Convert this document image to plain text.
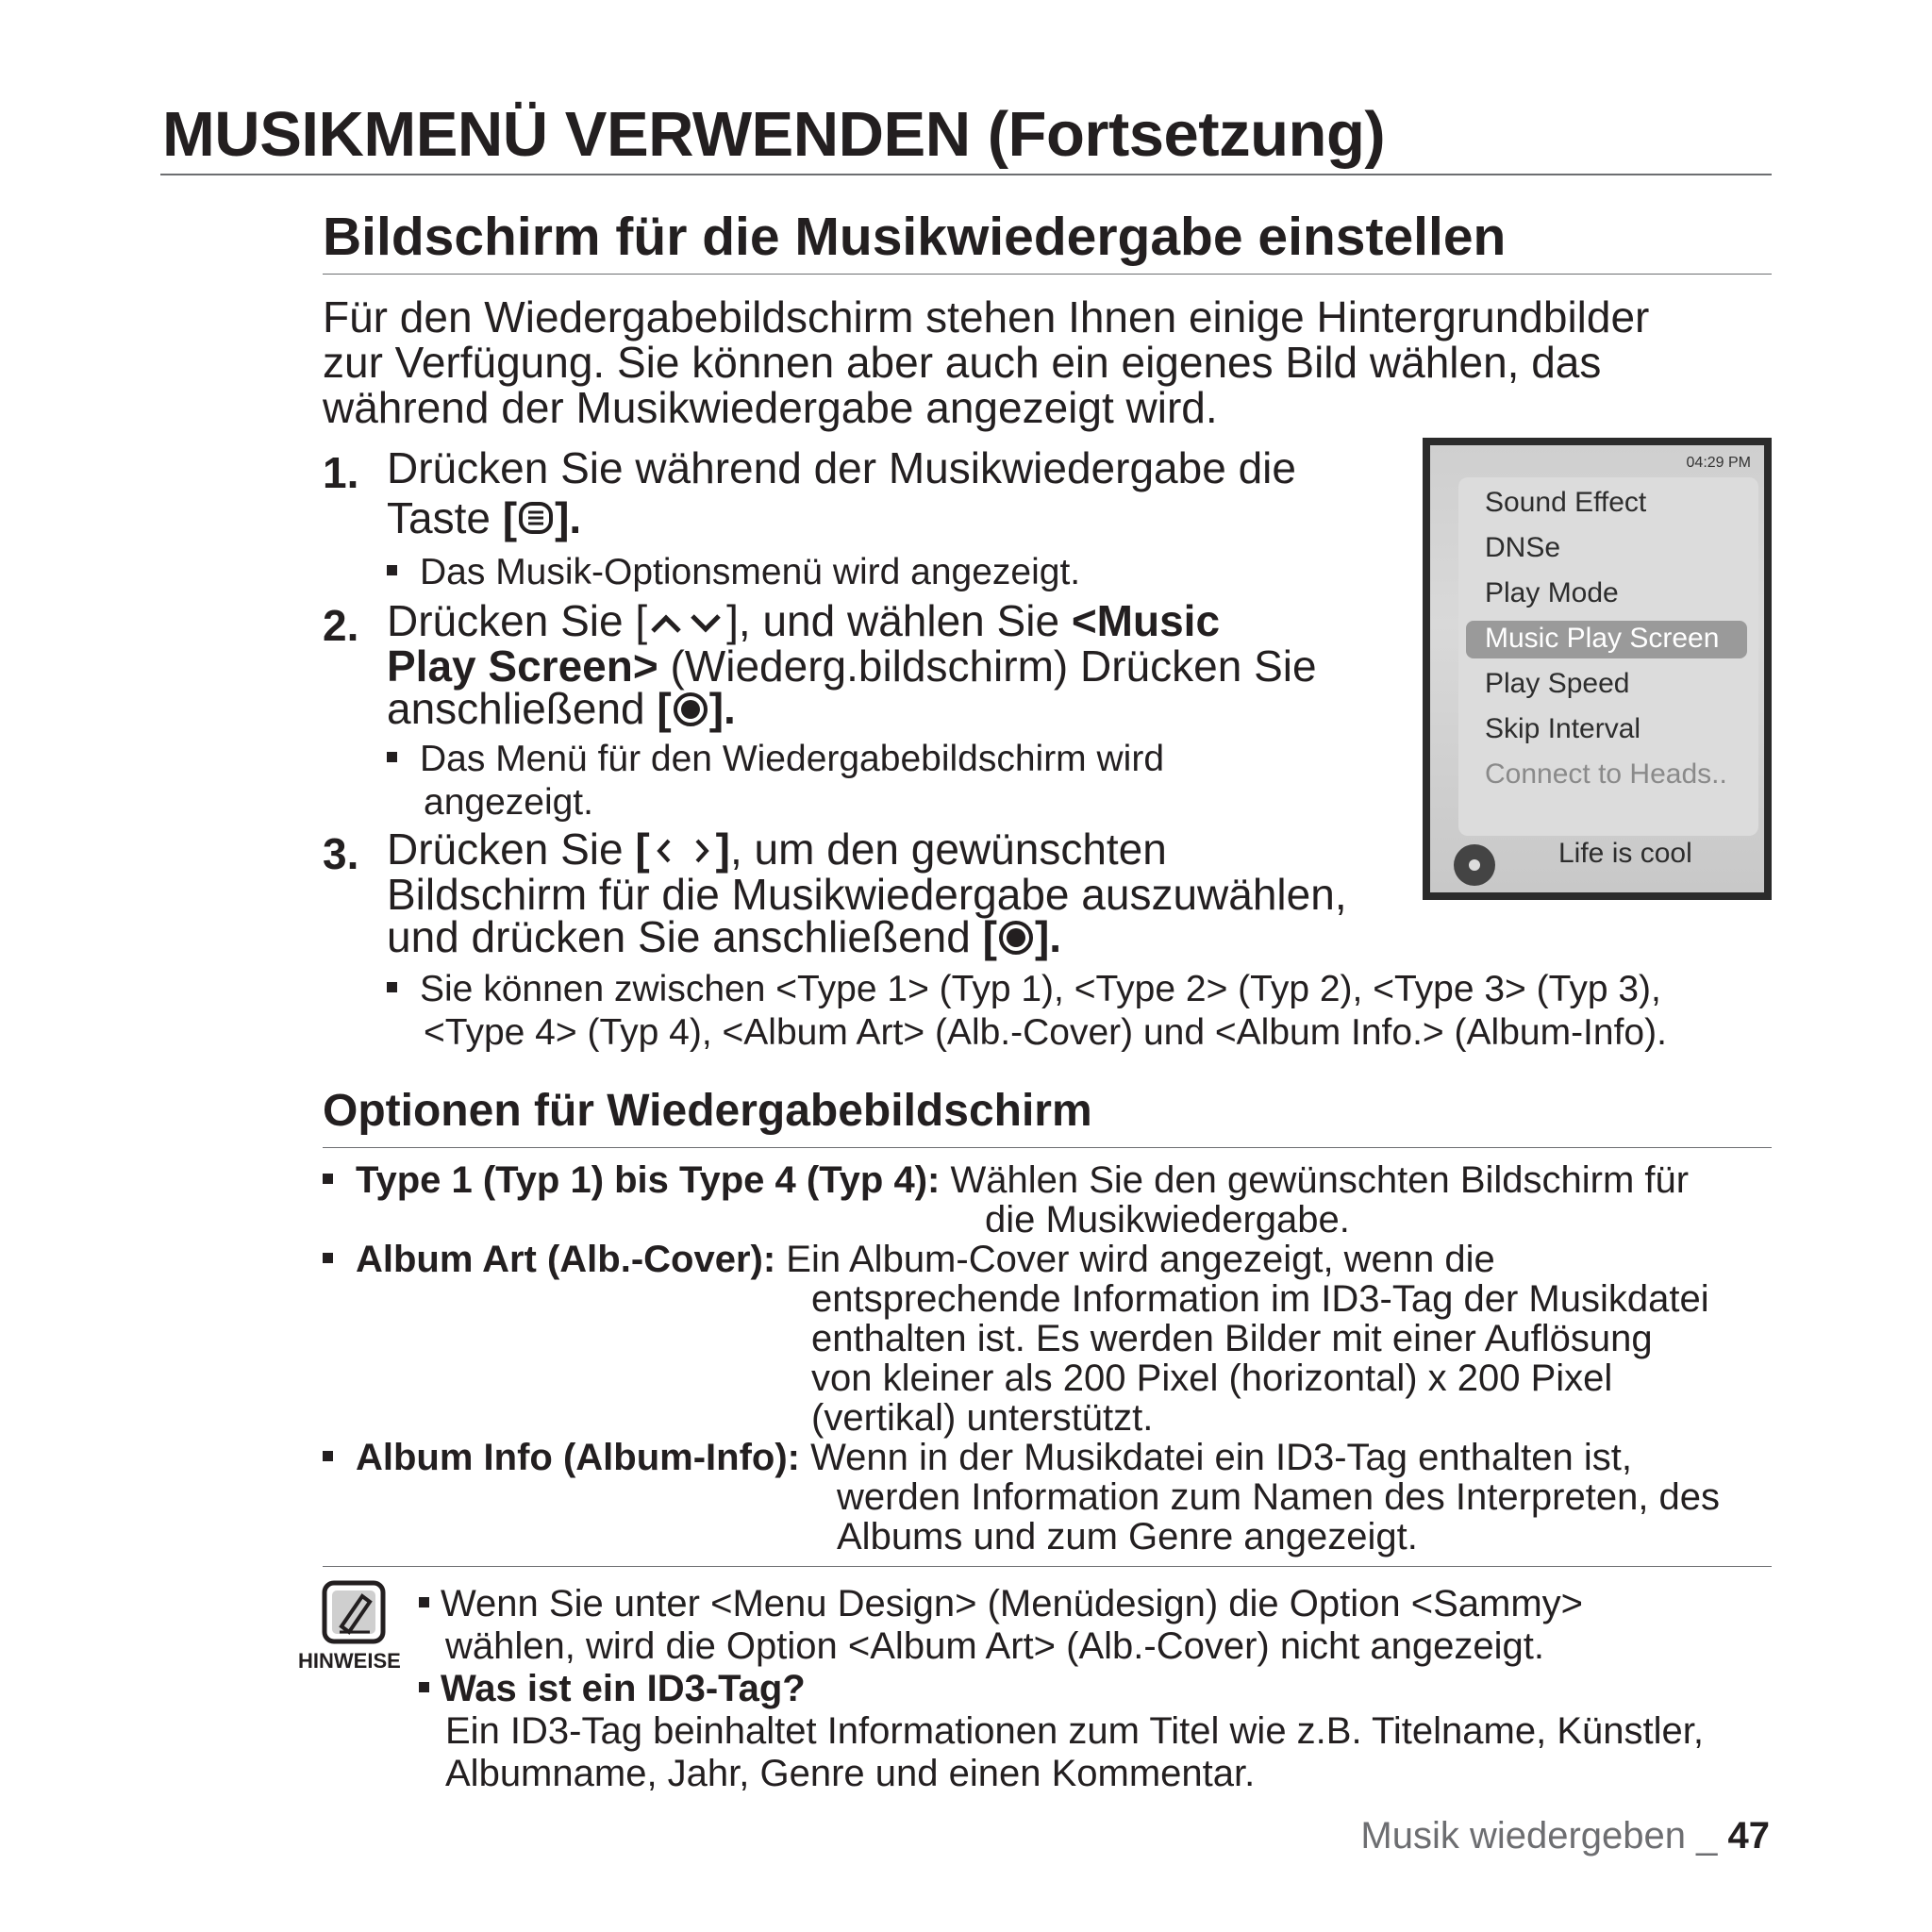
MUSIKMENÜ VERWENDEN (Fortsetzung)
Bildschirm für die Musikwiedergabe einstellen
Für den Wiedergabebildschirm stehen Ihnen einige Hintergrundbilder
zur Verfügung. Sie können aber auch ein eigenes Bild wählen, das
während der Musikwiedergabe angezeigt wird.
1. Drücken Sie während der Musikwiedergabe die
Taste [ ].
Das Musik-Optionsmenü wird angezeigt.
2. Drücken Sie [ ], und wählen Sie <Music
Play Screen> (Wiederg.bildschirm) Drücken Sie
anschließend [ ].
Das Menü für den Wiedergabebildschirm wird
angezeigt.
3. Drücken Sie [ ], um den gewünschten
Bildschirm für die Musikwiedergabe auszuwählen,
und drücken Sie anschließend [ ].
Sie können zwischen <Type 1> (Typ 1), <Type 2> (Typ 2), <Type 3> (Typ 3),
<Type 4> (Typ 4), <Album Art> (Alb.-Cover) und <Album Info.> (Album-Info).
04:29 PM
Sound Effect
DNSe
Play Mode
Music Play Screen
Play Speed
Skip Interval
Connect to Heads..
Life is cool
Optionen für Wiedergabebildschirm
Type 1 (Typ 1) bis Type 4 (Typ 4): Wählen Sie den gewünschten Bildschirm für
die Musikwiedergabe.
Album Art (Alb.-Cover): Ein Album-Cover wird angezeigt, wenn die
entsprechende Information im ID3-Tag der Musikdatei
enthalten ist. Es werden Bilder mit einer Auflösung
von kleiner als 200 Pixel (horizontal) x 200 Pixel
(vertikal) unterstützt.
Album Info (Album-Info): Wenn in der Musikdatei ein ID3-Tag enthalten ist,
werden Information zum Namen des Interpreten, des
Albums und zum Genre angezeigt.
HINWEISE
Wenn Sie unter <Menu Design> (Menüdesign) die Option <Sammy>
wählen, wird die Option <Album Art> (Alb.-Cover) nicht angezeigt.
Was ist ein ID3-Tag?
Ein ID3-Tag beinhaltet Informationen zum Titel wie z.B. Titelname, Künstler,
Albumname, Jahr, Genre und einen Kommentar.
Musik wiedergeben _ 47
